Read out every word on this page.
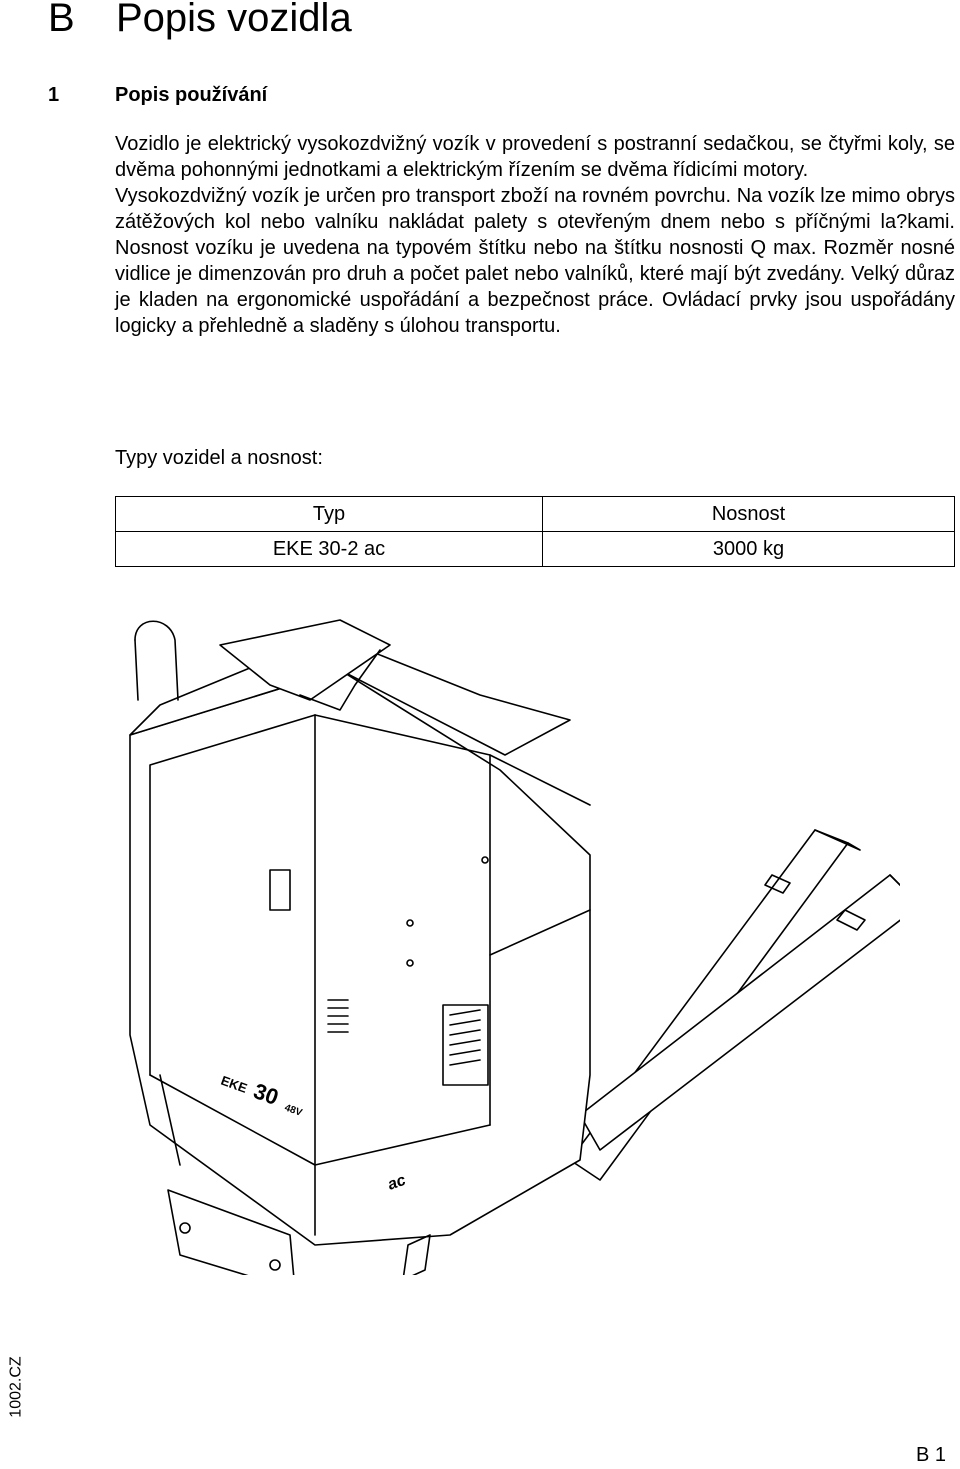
B Popis vozidla
1	Popis používání

Vozidlo je elektrický vysokozdvižný vozík v provedení s postranní sedačkou, se čtyřmi koly, se dvěma pohonnými jednotkami a elektrickým řízením se dvěma řídicími motory.

Vysokozdvižný vozík je určen pro transport zboží na rovném povrchu. Na vozík lze mimo obrys zátěžových kol nebo valníku nakládat palety s otevřeným dnem nebo s příčnými la?kami. Nosnost vozíku je uvedena na typovém štítku nebo na štítku nosnosti Q max. Rozměr nosné vidlice je dimenzován pro druh a počet palet nebo valníků, které mají být zvedány. Velký důraz je kladen na ergonomické uspořádání a bezpečnost práce. Ovládací prvky jsou uspořádány logicky a přehledně a sladěny s úlohou transportu.

Typy vozidel a nosnost:

Typ	Nosnost
EKE 30-2 ac	3000 kg
EKE 30
48V
ac
1002.CZ
B 1
